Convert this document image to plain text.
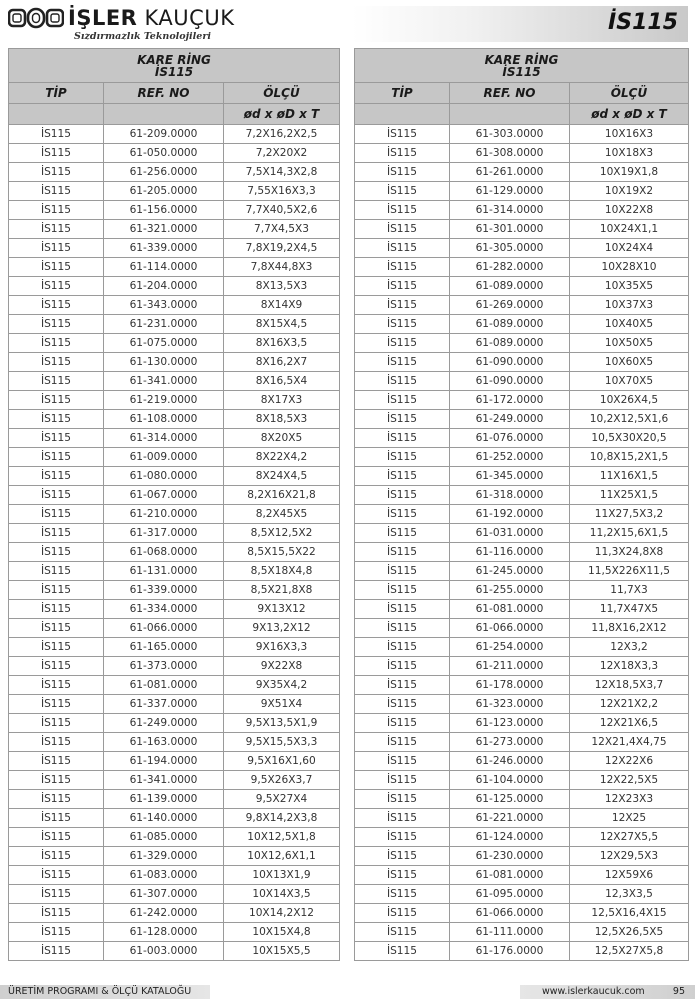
İŞLER KAUÇUK
Sızdırmazlık Teknolojileri
İS115
KARE RİNG
İS115		
TİP	REF. NO	ÖLÇÜ
		ød x øD x T
İS115	61-209.0000	7,2X16,2X2,5
İS115	61-050.0000	7,2X20X2
İS115	61-256.0000	7,5X14,3X2,8
İS115	61-205.0000	7,55X16X3,3
İS115	61-156.0000	7,7X40,5X2,6
İS115	61-321.0000	7,7X4,5X3
İS115	61-339.0000	7,8X19,2X4,5
İS115	61-114.0000	7,8X44,8X3
İS115	61-204.0000	8X13,5X3
İS115	61-343.0000	8X14X9
İS115	61-231.0000	8X15X4,5
İS115	61-075.0000	8X16X3,5
İS115	61-130.0000	8X16,2X7
İS115	61-341.0000	8X16,5X4
İS115	61-219.0000	8X17X3
İS115	61-108.0000	8X18,5X3
İS115	61-314.0000	8X20X5
İS115	61-009.0000	8X22X4,2
İS115	61-080.0000	8X24X4,5
İS115	61-067.0000	8,2X16X21,8
İS115	61-210.0000	8,2X45X5
İS115	61-317.0000	8,5X12,5X2
İS115	61-068.0000	8,5X15,5X22
İS115	61-131.0000	8,5X18X4,8
İS115	61-339.0000	8,5X21,8X8
İS115	61-334.0000	9X13X12
İS115	61-066.0000	9X13,2X12
İS115	61-165.0000	9X16X3,3
İS115	61-373.0000	9X22X8
İS115	61-081.0000	9X35X4,2
İS115	61-337.0000	9X51X4
İS115	61-249.0000	9,5X13,5X1,9
İS115	61-163.0000	9,5X15,5X3,3
İS115	61-194.0000	9,5X16X1,60
İS115	61-341.0000	9,5X26X3,7
İS115	61-139.0000	9,5X27X4
İS115	61-140.0000	9,8X14,2X3,8
İS115	61-085.0000	10X12,5X1,8
İS115	61-329.0000	10X12,6X1,1
İS115	61-083.0000	10X13X1,9
İS115	61-307.0000	10X14X3,5
İS115	61-242.0000	10X14,2X12
İS115	61-128.0000	10X15X4,8
İS115	61-003.0000	10X15X5,5
KARE RİNG
İS115		
TİP	REF. NO	ÖLÇÜ
		ød x øD x T
İS115	61-303.0000	10X16X3
İS115	61-308.0000	10X18X3
İS115	61-261.0000	10X19X1,8
İS115	61-129.0000	10X19X2
İS115	61-314.0000	10X22X8
İS115	61-301.0000	10X24X1,1
İS115	61-305.0000	10X24X4
İS115	61-282.0000	10X28X10
İS115	61-089.0000	10X35X5
İS115	61-269.0000	10X37X3
İS115	61-089.0000	10X40X5
İS115	61-089.0000	10X50X5
İS115	61-090.0000	10X60X5
İS115	61-090.0000	10X70X5
İS115	61-172.0000	10X26X4,5
İS115	61-249.0000	10,2X12,5X1,6
İS115	61-076.0000	10,5X30X20,5
İS115	61-252.0000	10,8X15,2X1,5
İS115	61-345.0000	11X16X1,5
İS115	61-318.0000	11X25X1,5
İS115	61-192.0000	11X27,5X3,2
İS115	61-031.0000	11,2X15,6X1,5
İS115	61-116.0000	11,3X24,8X8
İS115	61-245.0000	11,5X226X11,5
İS115	61-255.0000	11,7X3
İS115	61-081.0000	11,7X47X5
İS115	61-066.0000	11,8X16,2X12
İS115	61-254.0000	12X3,2
İS115	61-211.0000	12X18X3,3
İS115	61-178.0000	12X18,5X3,7
İS115	61-323.0000	12X21X2,2
İS115	61-123.0000	12X21X6,5
İS115	61-273.0000	12X21,4X4,75
İS115	61-246.0000	12X22X6
İS115	61-104.0000	12X22,5X5
İS115	61-125.0000	12X23X3
İS115	61-221.0000	12X25
İS115	61-124.0000	12X27X5,5
İS115	61-230.0000	12X29,5X3
İS115	61-081.0000	12X59X6
İS115	61-095.0000	12,3X3,5
İS115	61-066.0000	12,5X16,4X15
İS115	61-111.0000	12,5X26,5X5
İS115	61-176.0000	12,5X27X5,8
ÜRETİM PROGRAMI & ÖLÇÜ KATALOĞU	www.islerkaucuk.com	95
